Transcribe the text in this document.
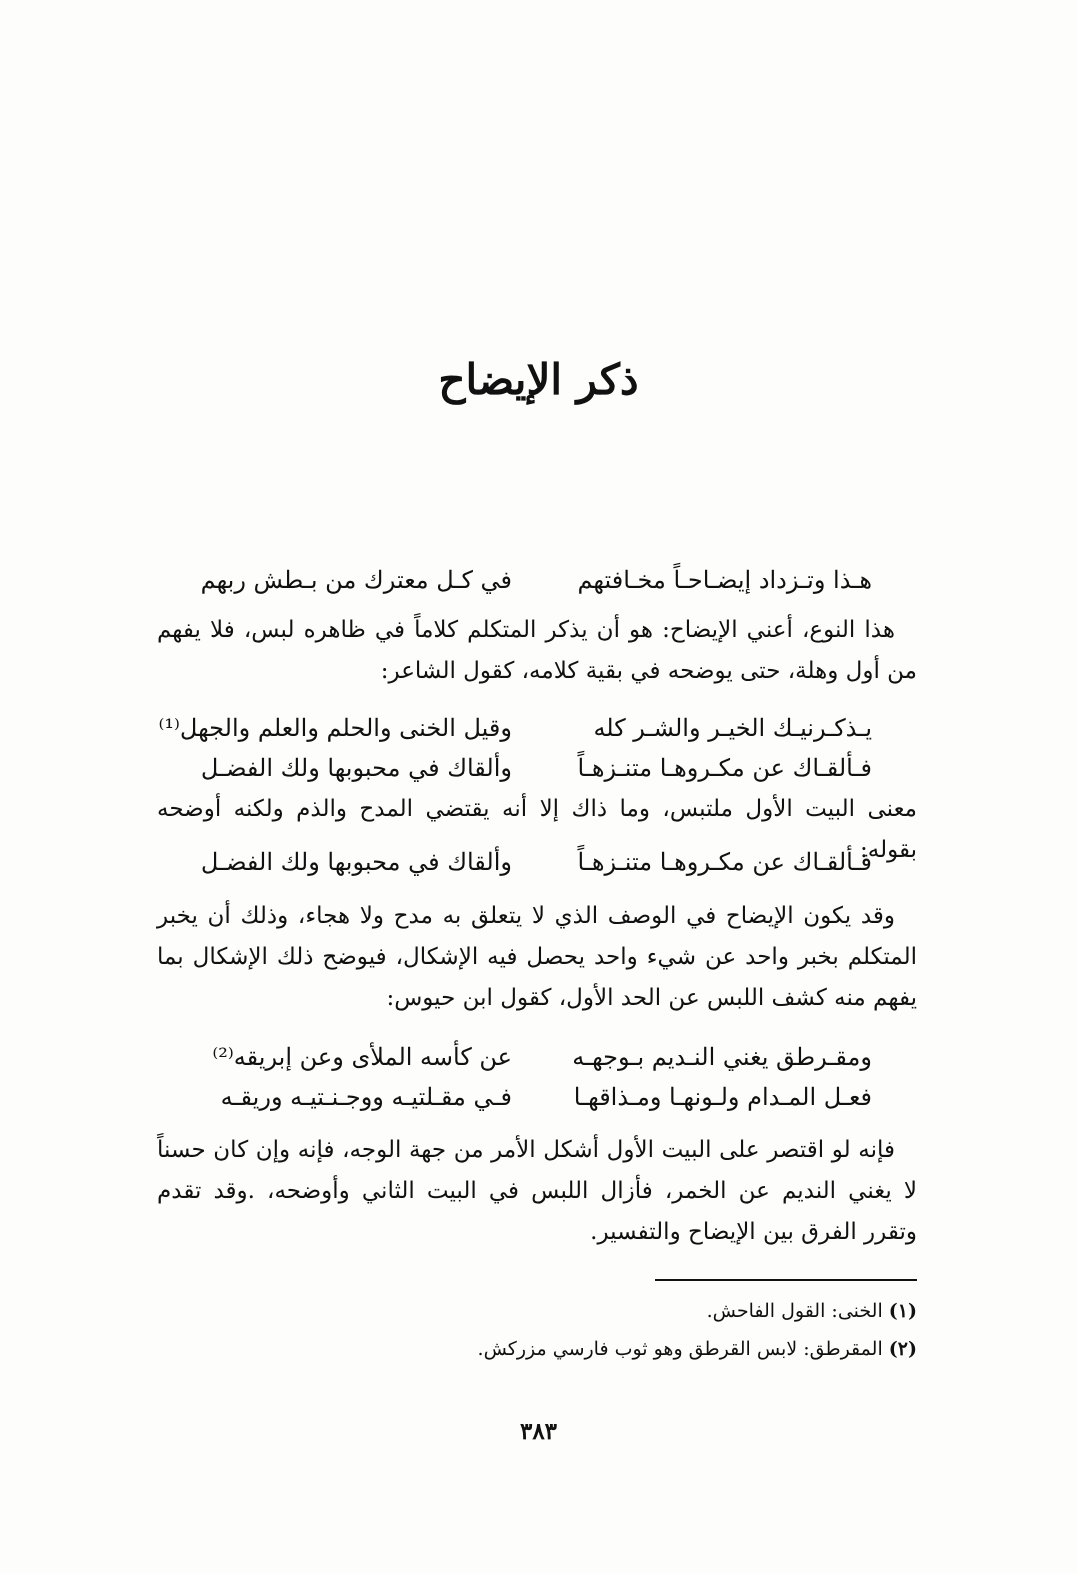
ذكر الإيضاح
هـذا وتـزداد إيضـاحـاً مخـافتهم
في كـل معترك من بـطش ربهم
هذا النوع، أعني الإيضاح: هو أن يذكر المتكلم كلاماً في ظاهره لبس، فلا يفهم من أول وهلة، حتى يوضحه في بقية كلامه، كقول الشاعر:
يـذكـرنيـك الخيـر والشـر كله
وقيل الخنى والحلم والعلم والجهل⁽¹⁾
فـألقـاك عن مكـروهـا متنـزهـاً
وألقاك في محبوبها ولك الفضـل
معنى البيت الأول ملتبس، وما ذاك إلا أنه يقتضي المدح والذم ولكنه أوضحه بقوله:
فـألقـاك عن مكـروهـا متنـزهـاً
وألقاك في محبوبها ولك الفضـل
وقد يكون الإيضاح في الوصف الذي لا يتعلق به مدح ولا هجاء، وذلك أن يخبر المتكلم بخبر واحد عن شيء واحد يحصل فيه الإشكال، فيوضح ذلك الإشكال بما يفهم منه كشف اللبس عن الحد الأول، كقول ابن حيوس:
ومقـرطق يغني النـديم بـوجهـه
عن كأسه الملأى وعن إبريقه⁽²⁾
فعـل المـدام ولـونهـا ومـذاقهـا
فـي مقـلتيـه ووجـنـتيـه وريقـه
فإنه لو اقتصر على البيت الأول أشكل الأمر من جهة الوجه، فإنه وإن كان حسناً لا يغني النديم عن الخمر، فأزال اللبس في البيت الثاني وأوضحه، .وقد تقدم وتقرر الفرق بين الإيضاح والتفسير.
(١) الخنى: القول الفاحش.
(٢) المقرطق: لابس القرطق وهو ثوب فارسي مزركش.
٣٨٣
